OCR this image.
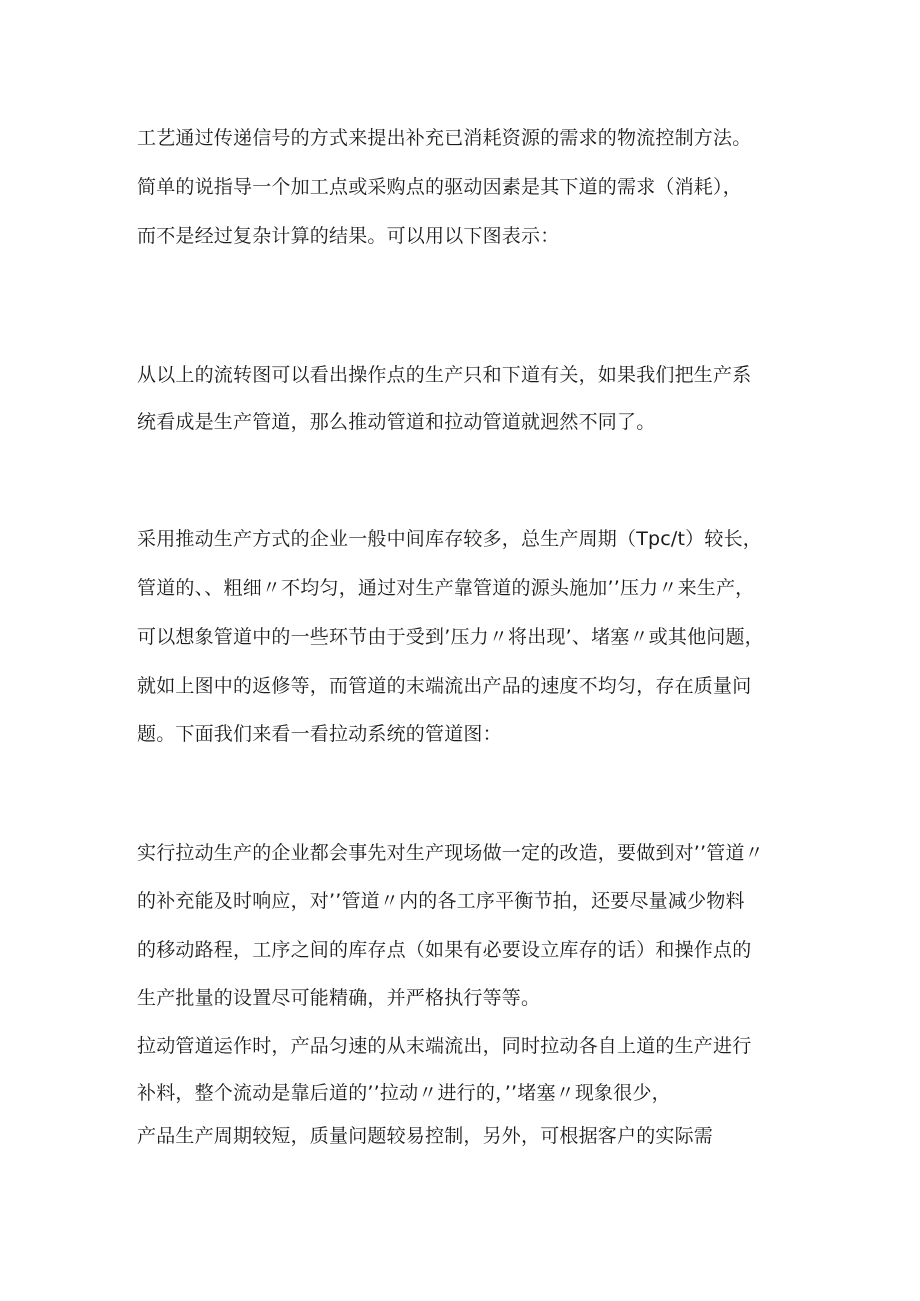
工艺通过传递信号的方式来提出补充已消耗资源的需求的物流控制方法。
简单的说指导一个加工点或采购点的驱动因素是其下道的需求（消耗），
而不是经过复杂计算的结果。可以用以下图表示：
从以上的流转图可以看出操作点的生产只和下道有关，如果我们把生产系
统看成是生产管道，那么推动管道和拉动管道就迥然不同了。
采用推动生产方式的企业一般中间库存较多，总生产周期（Tpc∕t）较长，
管道的、、粗细〃不均匀，通过对生产靠管道的源头施加’’压力〃来生产，
可以想象管道中的一些环节由于受到’压力〃将出现’、堵塞〃或其他问题，
就如上图中的返修等，而管道的末端流出产品的速度不均匀，存在质量问
题。下面我们来看一看拉动系统的管道图：
实行拉动生产的企业都会事先对生产现场做一定的改造，要做到对’’管道〃
的补充能及时响应，对’’管道〃内的各工序平衡节拍，还要尽量减少物料
的移动路程，工序之间的库存点（如果有必要设立库存的话）和操作点的
生产批量的设置尽可能精确，并严格执行等等。
拉动管道运作时，产品匀速的从末端流出，同时拉动各自上道的生产进行
补料，整个流动是靠后道的’’拉动〃进行的，’’堵塞〃现象很少，
产品生产周期较短，质量问题较易控制，另外，可根据客户的实际需
